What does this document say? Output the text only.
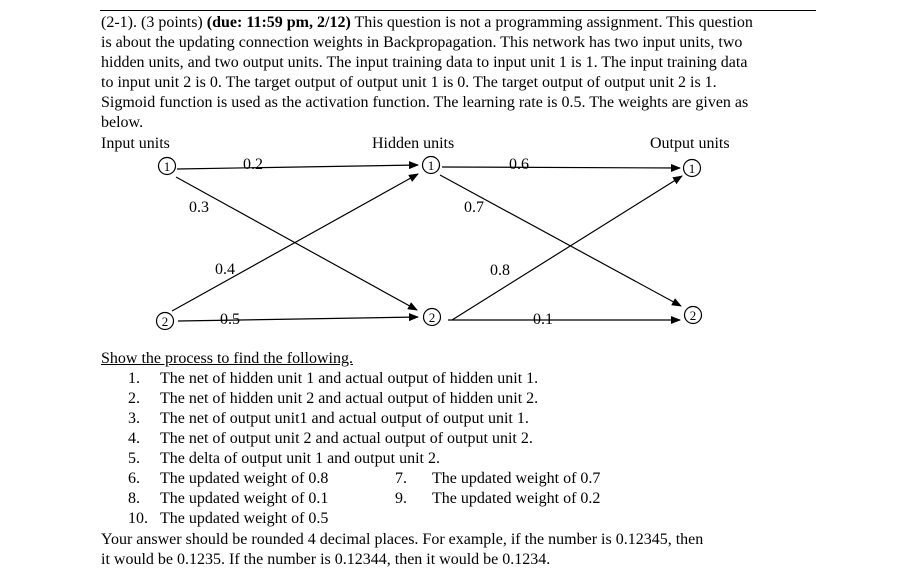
(2-1). (3 points) (due: 11:59 pm, 2/12) This question is not a programming assignment. This question
is about the updating connection weights in Backpropagation. This network has two input units, two
hidden units, and two output units. The input training data to input unit 1 is 1. The input training data
to input unit 2 is 0. The target output of output unit 1 is 0. The target output of output unit 2 is 1.
Sigmoid function is used as the activation function. The learning rate is 0.5. The weights are given as
below.
Input units	Hidden units	Output units
1
2
1
2
1
2
0.2
0.3
0.4
0.5
0.6
0.7
0.8
0.1
Show the process to find the following.
1. The net of hidden unit 1 and actual output of hidden unit 1.
2. The net of hidden unit 2 and actual output of hidden unit 2.
3. The net of output unit1 and actual output of output unit 1.
4. The net of output unit 2 and actual output of output unit 2.
5. The delta of output unit 1 and output unit 2.
6. The updated weight of 0.8	7. The updated weight of 0.7
8. The updated weight of 0.1	9. The updated weight of 0.2
10. The updated weight of 0.5
Your answer should be rounded 4 decimal places. For example, if the number is 0.12345, then
it would be 0.1235. If the number is 0.12344, then it would be 0.1234.
